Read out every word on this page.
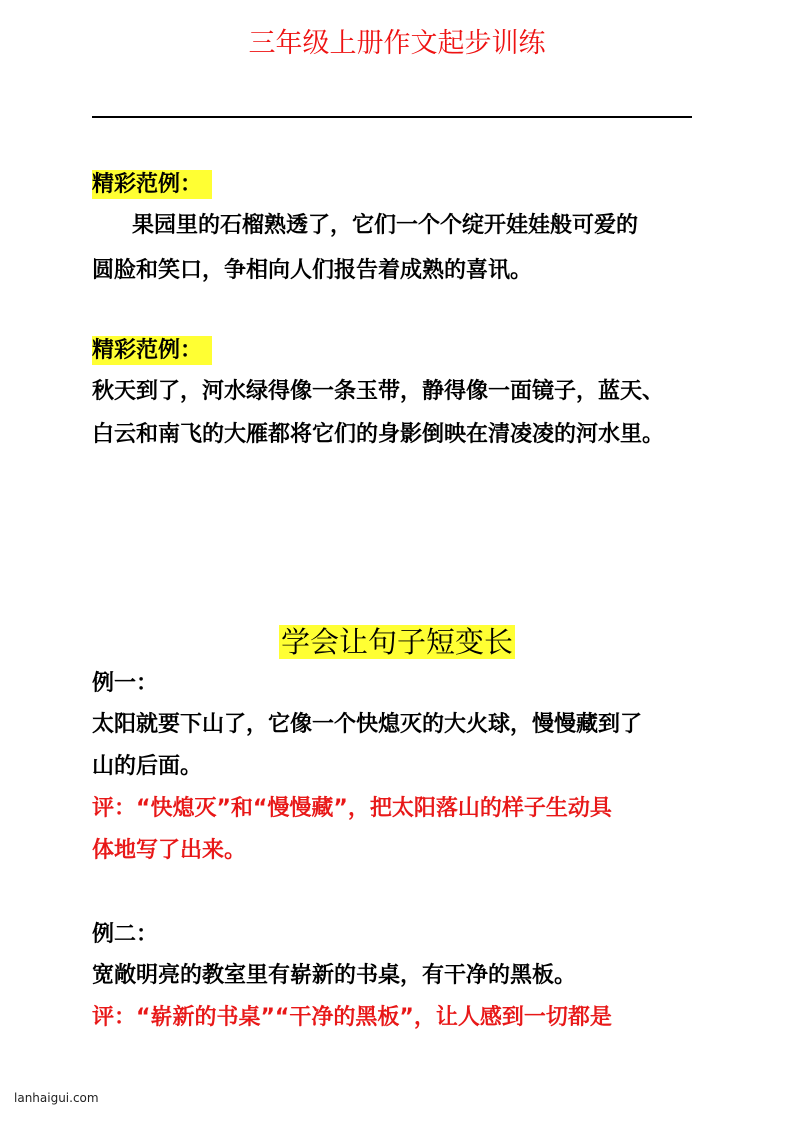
三年级上册作文起步训练
精彩范例：
果园里的石榴熟透了，它们一个个绽开娃娃般可爱的
圆脸和笑口，争相向人们报告着成熟的喜讯。
精彩范例：
秋天到了，河水绿得像一条玉带，静得像一面镜子，蓝天、
白云和南飞的大雁都将它们的身影倒映在清凌凌的河水里。
学会让句子短变长
例一：
太阳就要下山了，它像一个快熄灭的大火球，慢慢藏到了
山的后面。
评：“快熄灭”和“慢慢藏”，把太阳落山的样子生动具
体地写了出来。
例二：
宽敞明亮的教室里有崭新的书桌，有干净的黑板。
评：“崭新的书桌”“干净的黑板”，让人感到一切都是
lanhaigui.com
